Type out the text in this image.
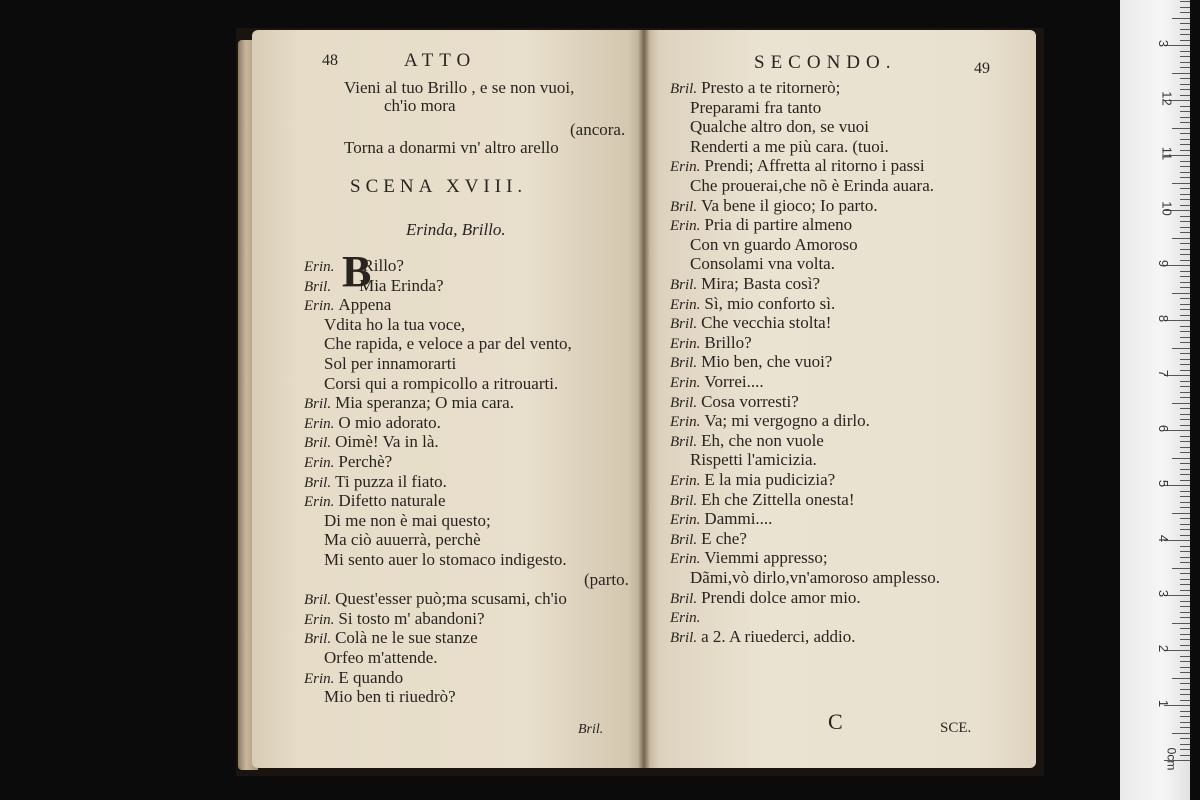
48	ATTO
Vieni al tuo Brillo , e se non vuoi,
ch'io mora
(ancora.
Torna a donarmi vn' altro arello
SCENA XVIII.
Erinda, Brillo.
B
Erin. Rillo?
Bril. Mia Erinda?
Erin. Appena
Vdita ho la tua voce,
Che rapida, e veloce a par del vento,
Sol per innamorarti
Corsi qui a rompicollo a ritrouarti.
Bril. Mia speranza; O mia cara.
Erin. O mio adorato.
Bril. Oimè! Va in là.
Erin. Perchè?
Bril. Ti puzza il fiato.
Erin. Difetto naturale
Di me non è mai questo;
Ma ciò auuerrà, perchè
Mi sento auer lo stomaco indigesto.
(parto.
Bril. Quest'esser può;ma scusami, ch'io
Erin. Si tosto m' abandoni?
Bril. Colà ne le sue stanze
Orfeo m'attende.
Erin. E quando
Mio ben ti riuedrò?
Bril.
SECONDO.	49
Bril. Presto a te ritornerò;
Preparami fra tanto
Qualche altro don, se vuoi
Renderti a me più cara. (tuoi.
Erin. Prendi; Affretta al ritorno i passi
Che prouerai,che nõ è Erinda auara.
Bril. Va bene il gioco; Io parto.
Erin. Pria di partire almeno
Con vn guardo Amoroso
Consolami vna volta.
Bril. Mira; Basta così?
Erin. Sì, mio conforto sì.
Bril. Che vecchia stolta!
Erin. Brillo?
Bril. Mio ben, che vuoi?
Erin. Vorrei....
Bril. Cosa vorresti?
Erin. Va; mi vergogno a dirlo.
Bril. Eh, che non vuole
Rispetti l'amicizia.
Erin. E la mia pudicizia?
Bril. Eh che Zittella onesta!
Erin. Dammi....
Bril. E che?
Erin. Viemmi appresso;
Dãmi,vò dirlo,vn'amoroso amplesso.
Bril. Prendi dolce amor mio.
Erin.
Bril. a 2. A riuederci, addio.
C	SCE.
3
12
11
10
9
8
7
6
5
4
3
2
1
0cm
